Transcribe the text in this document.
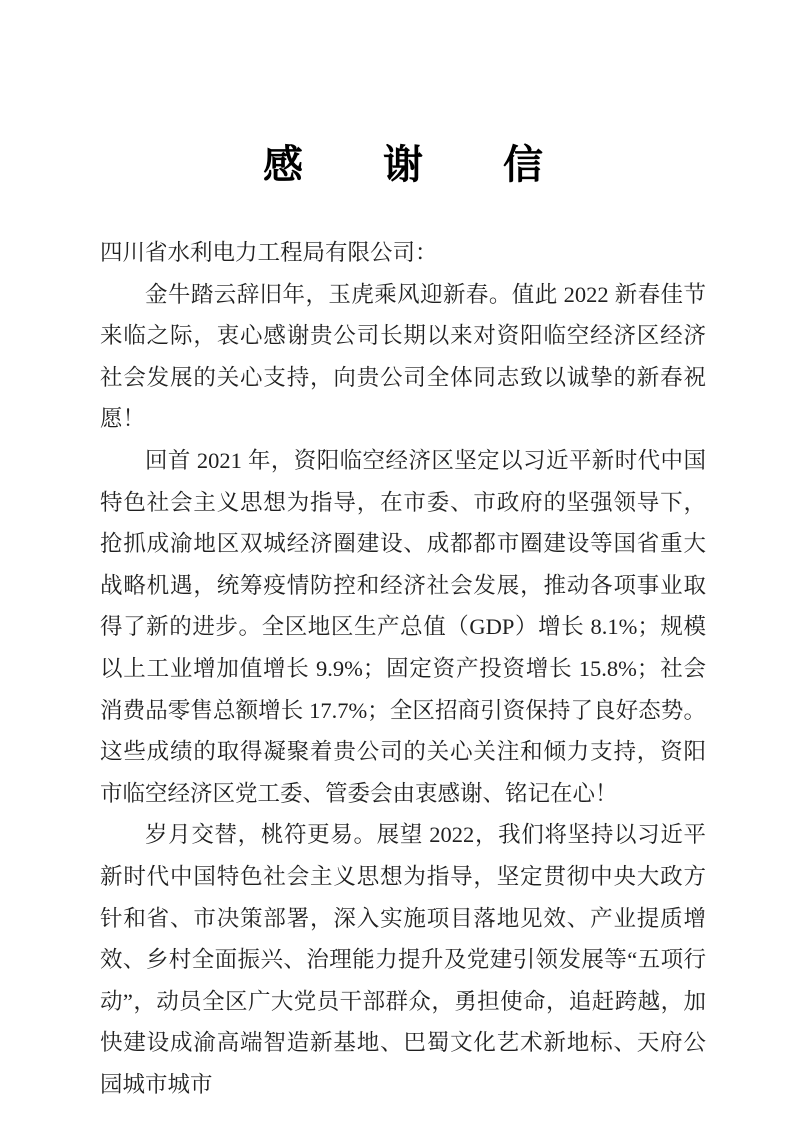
感　　谢　　信

四川省水利电力工程局有限公司：

金牛踏云辞旧年，玉虎乘风迎新春。值此 2022 新春佳节来临之际，衷心感谢贵公司长期以来对资阳临空经济区经济社会发展的关心支持，向贵公司全体同志致以诚挚的新春祝愿！

回首 2021 年，资阳临空经济区坚定以习近平新时代中国特色社会主义思想为指导，在市委、市政府的坚强领导下，抢抓成渝地区双城经济圈建设、成都都市圈建设等国省重大战略机遇，统筹疫情防控和经济社会发展，推动各项事业取得了新的进步。全区地区生产总值（GDP）增长 8.1%；规模以上工业增加值增长 9.9%；固定资产投资增长 15.8%；社会消费品零售总额增长 17.7%；全区招商引资保持了良好态势。这些成绩的取得凝聚着贵公司的关心关注和倾力支持，资阳市临空经济区党工委、管委会由衷感谢、铭记在心！

岁月交替，桃符更易。展望 2022，我们将坚持以习近平新时代中国特色社会主义思想为指导，坚定贯彻中央大政方针和省、市决策部署，深入实施项目落地见效、产业提质增效、乡村全面振兴、治理能力提升及党建引领发展等“五项行动”，动员全区广大党员干部群众，勇担使命，追赶跨越，加快建设成渝高端智造新基地、巴蜀文化艺术新地标、天府公园城市城市
